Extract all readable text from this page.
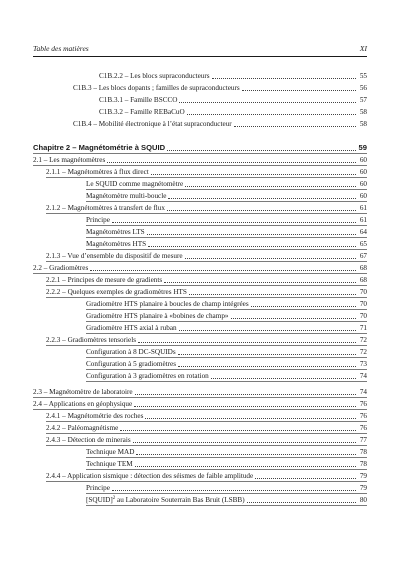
Table des matières	XI
C1B.2.2 – Les blocs supraconducteurs	55
C1B.3 – Les blocs dopants ; familles de supraconducteurs	56
C1B.3.1 – Famille BSCCO	57
C1B.3.2 – Famille REBaCuO	58
C1B.4 – Mobilité électronique à l’état supraconducteur	58
Chapitre 2 – Magnétométrie à SQUID	59
2.1 – Les magnétomètres	60
2.1.1 – Magnétomètres à flux direct	60
Le SQUID comme magnétomètre	60
Magnétomètre multi-boucle	60
2.1.2 – Magnétomètres à transfert de flux	61
Principe	61
Magnétomètres LTS	64
Magnétomètres HTS	65
2.1.3 – Vue d’ensemble du dispositif de mesure	67
2.2 – Gradiomètres	68
2.2.1 – Principes de mesure de gradients	68
2.2.2 – Quelques exemples de gradiomètres HTS	70
Gradiomètre HTS planaire à boucles de champ intégrées	70
Gradiomètre HTS planaire à «bobines de champ»	70
Gradiomètre HTS axial à ruban	71
2.2.3 – Gradiomètres tensoriels	72
Configuration à 8 DC-SQUIDs	72
Configuration à 5 gradiomètres	73
Configuration à 3 gradiomètres en rotation	74
2.3 – Magnétomètre de laboratoire	74
2.4 – Applications en géophysique	76
2.4.1 – Magnétométrie des roches	76
2.4.2 – Paléomagnétisme	76
2.4.3 – Détection de minerais	77
Technique MAD	78
Technique TEM	78
2.4.4 – Application sismique : détection des séismes de faible amplitude	79
Principe	79
[SQUID]$^2$ au Laboratoire Souterrain Bas Bruit (LSBB)	80
